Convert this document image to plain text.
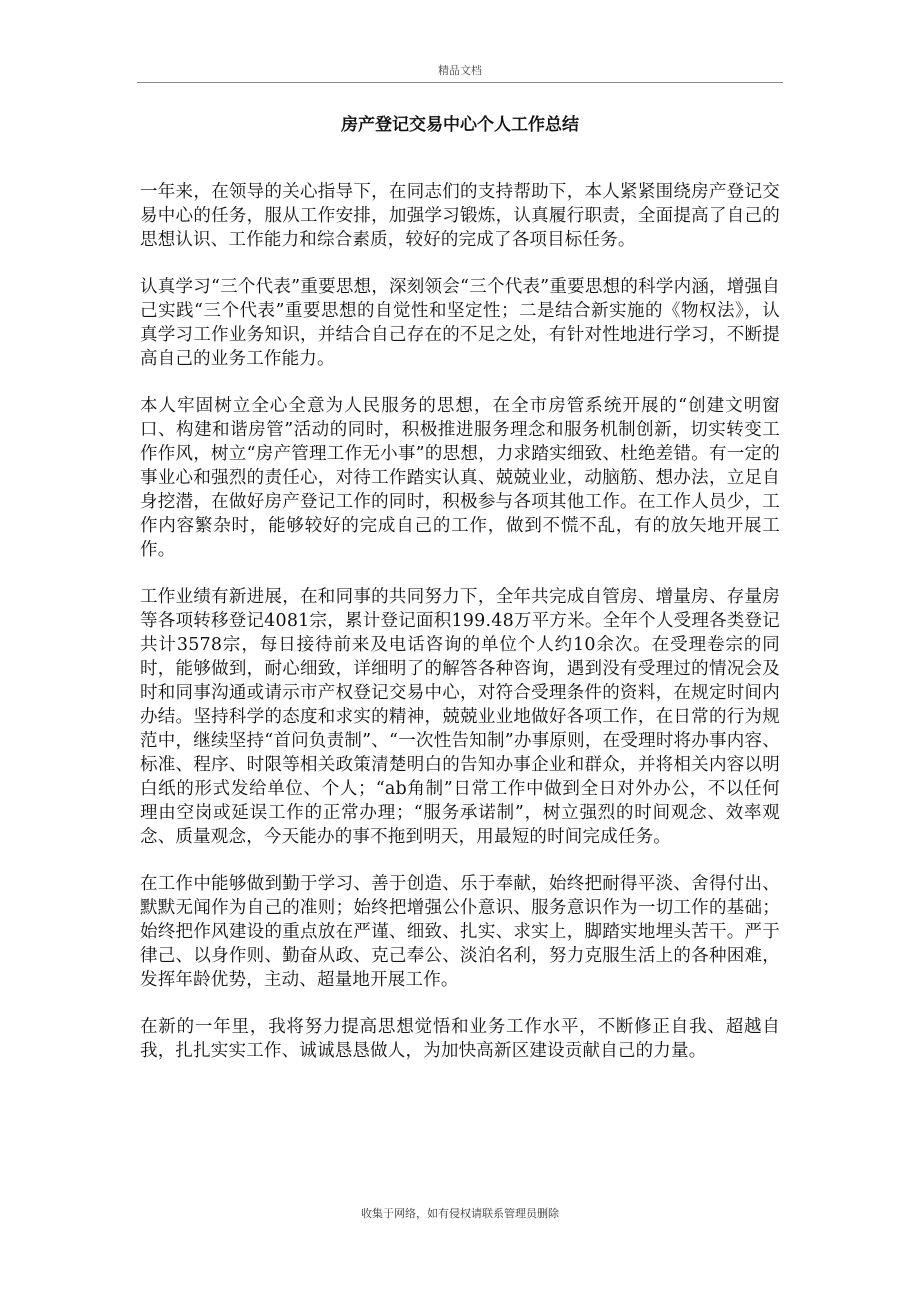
精品文档
房产登记交易中心个人工作总结

一年来，在领导的关心指导下，在同志们的支持帮助下，本人紧紧围绕房产登记交易中心的任务，服从工作安排，加强学习锻炼，认真履行职责，全面提高了自己的思想认识、工作能力和综合素质，较好的完成了各项目标任务。

认真学习“三个代表”重要思想，深刻领会“三个代表”重要思想的科学内涵，增强自己实践“三个代表”重要思想的自觉性和坚定性；二是结合新实施的《物权法》，认真学习工作业务知识，并结合自己存在的不足之处，有针对性地进行学习，不断提高自己的业务工作能力。

本人牢固树立全心全意为人民服务的思想，在全市房管系统开展的“创建文明窗口、构建和谐房管”活动的同时，积极推进服务理念和服务机制创新，切实转变工作作风，树立“房产管理工作无小事”的思想，力求踏实细致、杜绝差错。有一定的事业心和强烈的责任心，对待工作踏实认真、兢兢业业，动脑筋、想办法，立足自身挖潜，在做好房产登记工作的同时，积极参与各项其他工作。在工作人员少，工作内容繁杂时，能够较好的完成自己的工作，做到不慌不乱，有的放矢地开展工作。

工作业绩有新进展，在和同事的共同努力下，全年共完成自管房、增量房、存量房等各项转移登记4081宗，累计登记面积199.48万平方米。全年个人受理各类登记共计3578宗，每日接待前来及电话咨询的单位个人约10余次。在受理卷宗的同时，能够做到，耐心细致，详细明了的解答各种咨询，遇到没有受理过的情况会及时和同事沟通或请示市产权登记交易中心，对符合受理条件的资料，在规定时间内办结。坚持科学的态度和求实的精神，兢兢业业地做好各项工作，在日常的行为规范中，继续坚持“首问负责制”、“一次性告知制”办事原则，在受理时将办事内容、标准、程序、时限等相关政策清楚明白的告知办事企业和群众，并将相关内容以明白纸的形式发给单位、个人；“ab角制”日常工作中做到全日对外办公，不以任何理由空岗或延误工作的正常办理；“服务承诺制”，树立强烈的时间观念、效率观念、质量观念，今天能办的事不拖到明天，用最短的时间完成任务。

在工作中能够做到勤于学习、善于创造、乐于奉献，始终把耐得平淡、舍得付出、默默无闻作为自己的准则；始终把增强公仆意识、服务意识作为一切工作的基础；始终把作风建设的重点放在严谨、细致、扎实、求实上，脚踏实地埋头苦干。严于律己、以身作则、勤奋从政、克己奉公、淡泊名利，努力克服生活上的各种困难，发挥年龄优势，主动、超量地开展工作。

在新的一年里，我将努力提高思想觉悟和业务工作水平，不断修正自我、超越自我，扎扎实实工作、诚诚恳恳做人，为加快高新区建设贡献自己的力量。

收集于网络，如有侵权请联系管理员删除
